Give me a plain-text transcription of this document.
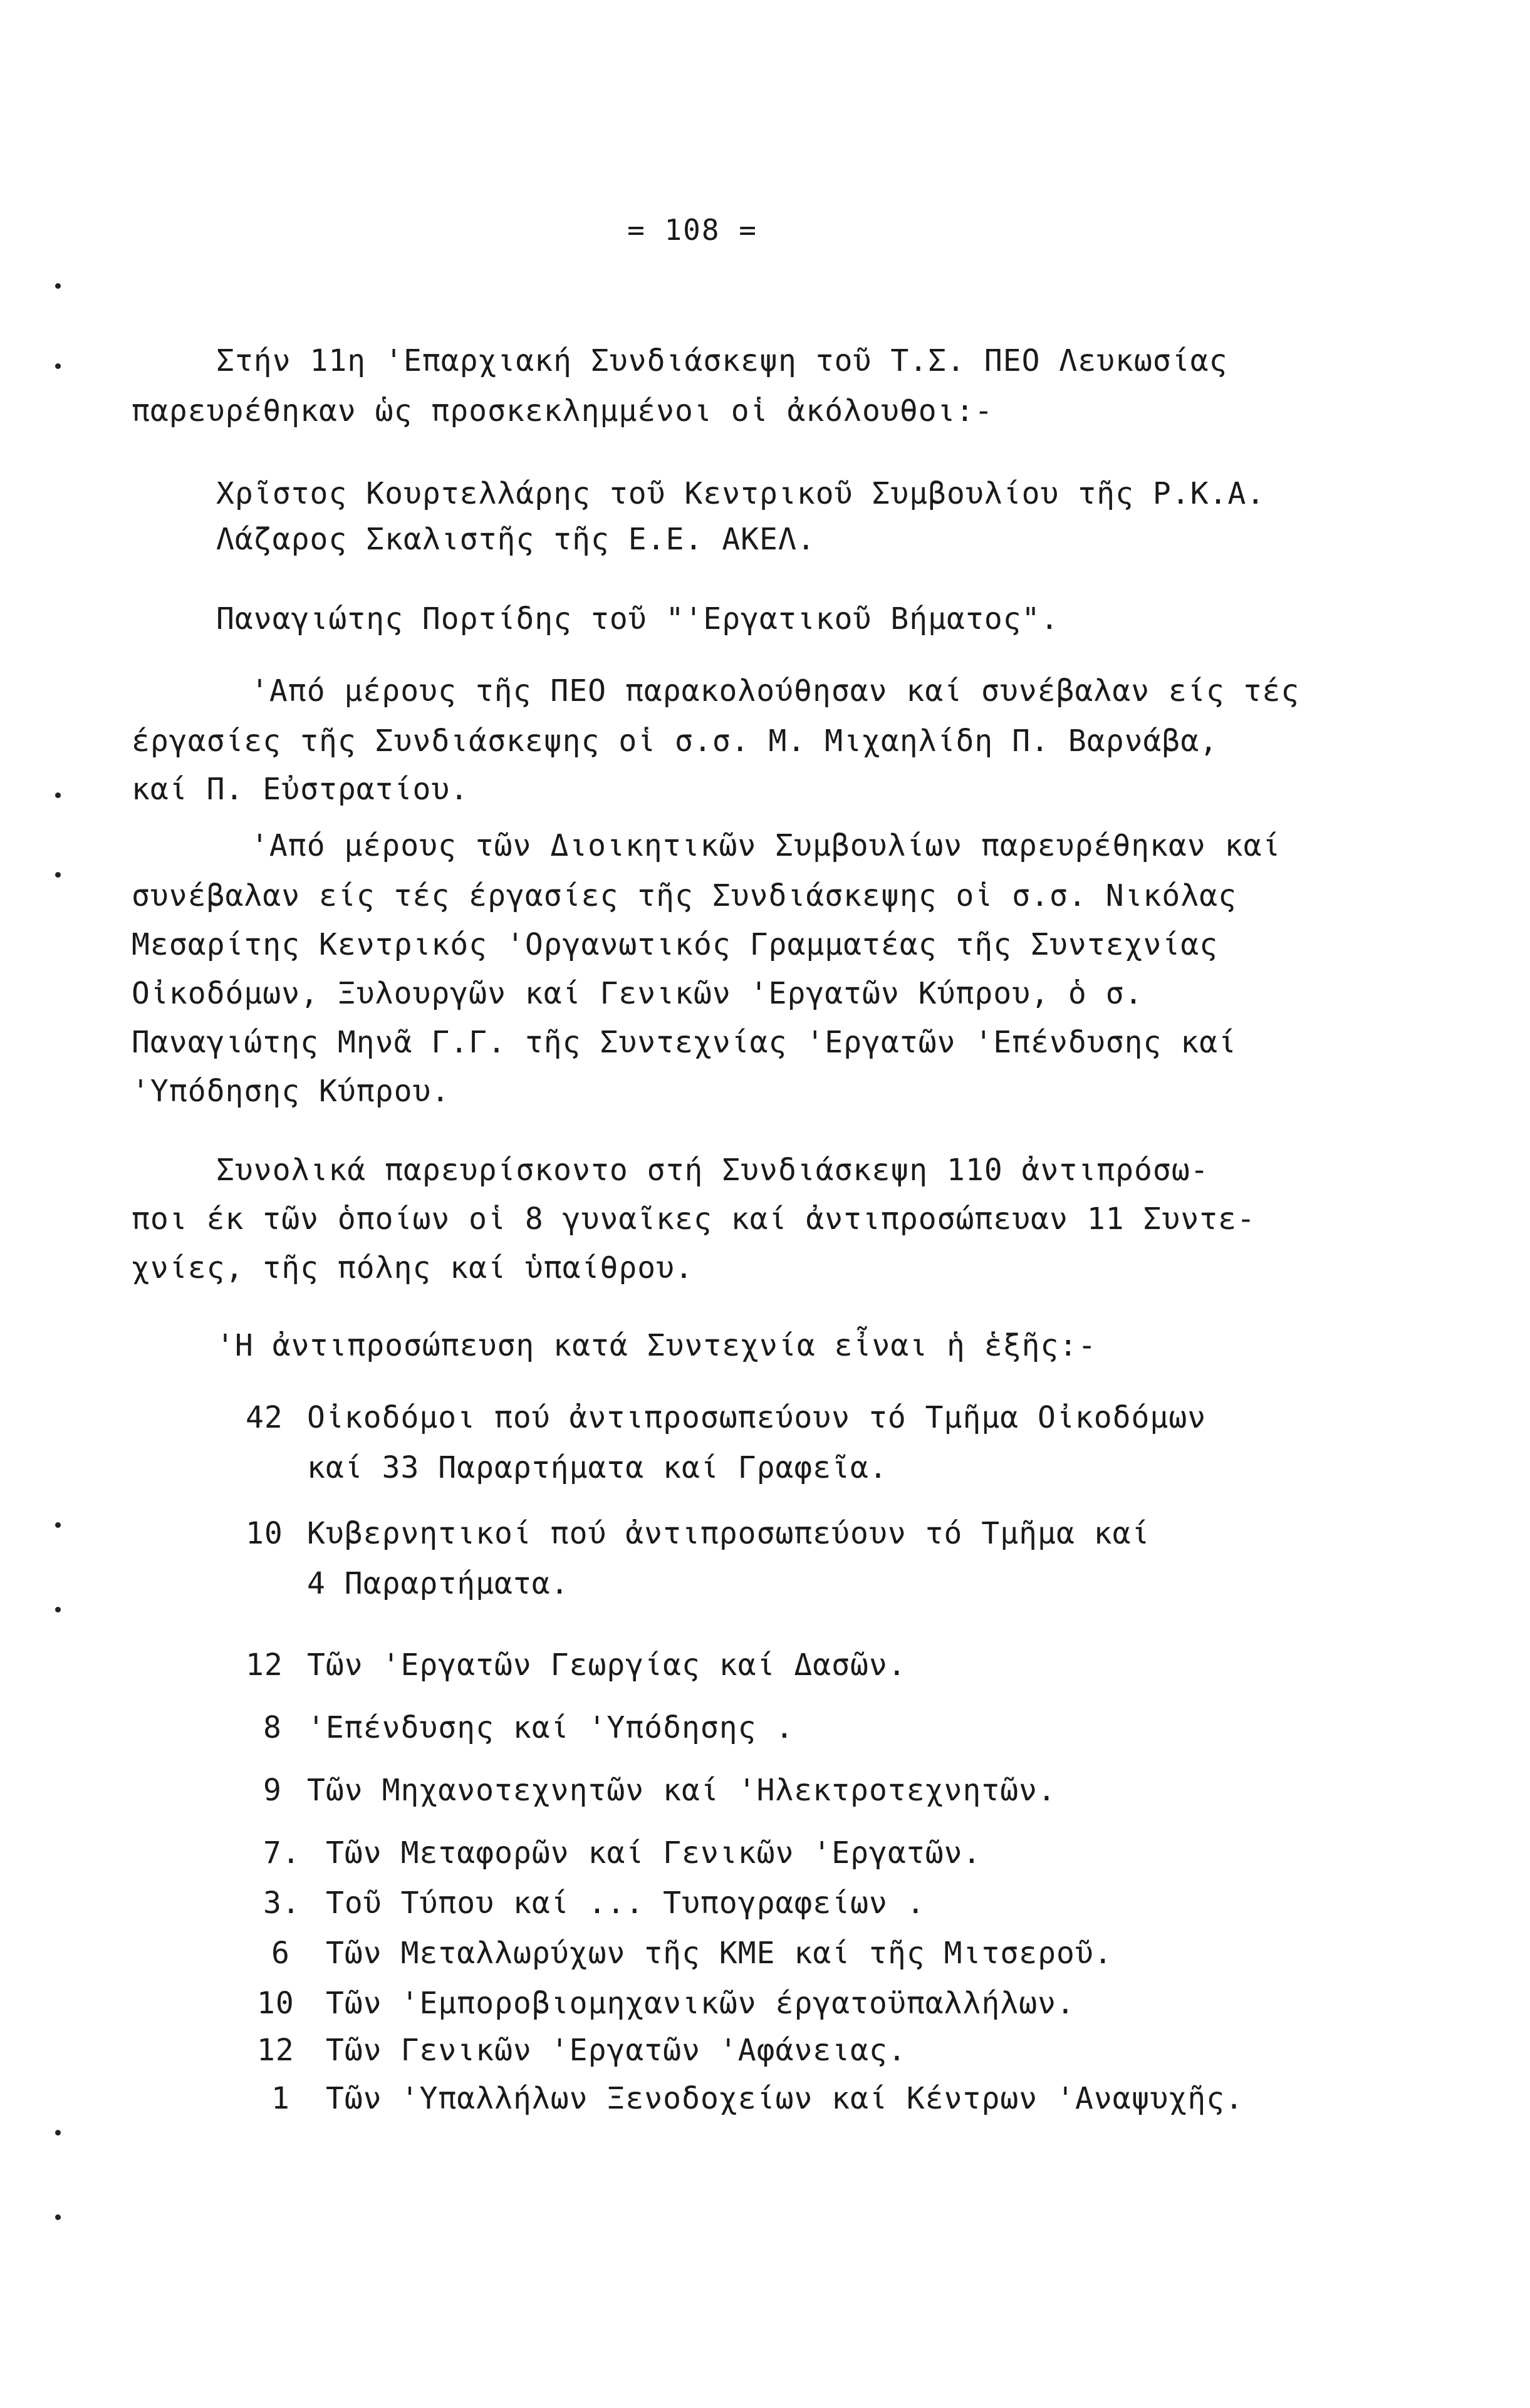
= 108 =
Στήν 11η 'Επαρχιακή Συνδιάσκεψη τοῦ Τ.Σ. ΠΕΟ Λευκωσίας
παρευρέθηκαν ὡς προσκεκλημμένοι οἱ ἀκόλουθοι:-
Χρῖστος Κουρτελλάρης τοῦ Κεντρικοῦ Συμβουλίου τῆς Ρ.Κ.Α.
Λάζαρος Σκαλιστῆς τῆς Ε.Ε. ΑΚΕΛ.
Παναγιώτης Πορτίδης τοῦ "'Εργατικοῦ Βήματος".
'Από μέρους τῆς ΠΕΟ παρακολούθησαν καί συνέβαλαν είς τές
έργασίες τῆς Συνδιάσκεψης οἱ σ.σ. Μ. Μιχαηλίδη Π. Βαρνάβα,
καί Π. Εὐστρατίου.
'Από μέρους τῶν Διοικητικῶν Συμβουλίων παρευρέθηκαν καί
συνέβαλαν είς τές έργασίες τῆς Συνδιάσκεψης οἱ σ.σ. Νικόλας
Μεσαρίτης Κεντρικός 'Οργανωτικός Γραμματέας τῆς Συντεχνίας
Οἰκοδόμων, Ξυλουργῶν καί Γενικῶν 'Εργατῶν Κύπρου, ὁ σ.
Παναγιώτης Μηνᾶ Γ.Γ. τῆς Συντεχνίας 'Εργατῶν 'Επένδυσης καί
'Υπόδησης Κύπρου.
Συνολικά παρευρίσκοντο στή Συνδιάσκεψη 110 ἀντιπρόσω-
ποι έκ τῶν ὁποίων οἱ 8 γυναῖκες καί ἀντιπροσώπευαν 11 Συντε-
χνίες, τῆς πόλης καί ὑπαίθρου.
'Η ἀντιπροσώπευση κατά Συντεχνία εἶναι ἡ ἑξῆς:-
42 Οἰκοδόμοι πού ἀντιπροσωπεύουν τό Τμῆμα Οἰκοδόμων
καί 33 Παραρτήματα καί Γραφεῖα.
10 Κυβερνητικοί πού ἀντιπροσωπεύουν τό Τμῆμα καί
4 Παραρτήματα.
12 Τῶν 'Εργατῶν Γεωργίας καί Δασῶν.
8 'Επένδυσης καί 'Υπόδησης .
9 Τῶν Μηχανοτεχνητῶν καί 'Ηλεκτροτεχνητῶν.
7. Τῶν Μεταφορῶν καί Γενικῶν 'Εργατῶν.
3. Τοῦ Τύπου καί ... Τυπογραφείων .
6 Τῶν Μεταλλωρύχων τῆς ΚΜΕ καί τῆς Μιτσεροῦ.
10 Τῶν 'Εμποροβιομηχανικῶν έργατοϋπαλλήλων.
12 Τῶν Γενικῶν 'Εργατῶν 'Αφάνειας.
1 Τῶν 'Υπαλλήλων Ξενοδοχείων καί Κέντρων 'Αναψυχῆς.
